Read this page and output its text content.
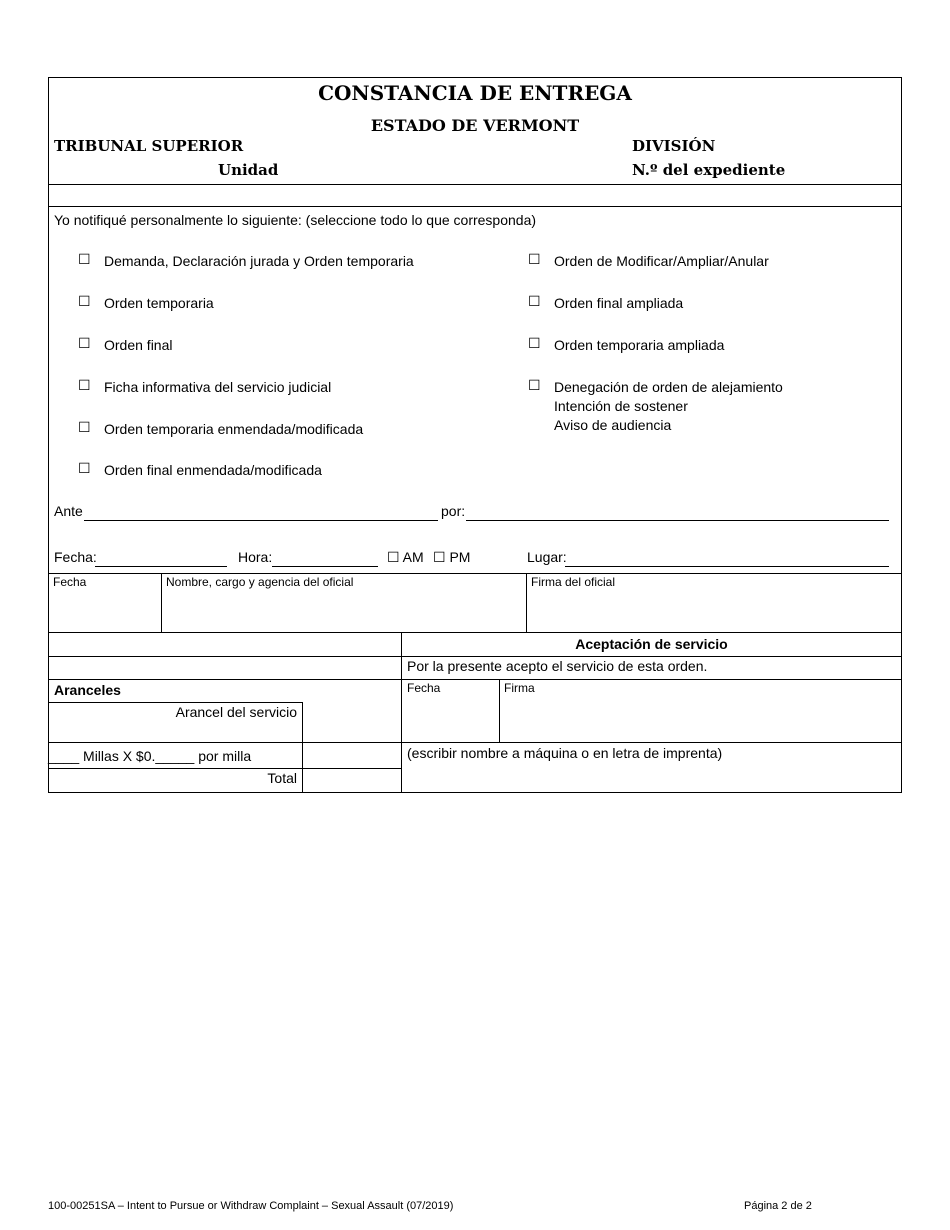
CONSTANCIA DE ENTREGA
ESTADO DE VERMONT
TRIBUNAL SUPERIOR
Unidad
DIVISIÓN
N.º del expediente
Yo notifiqué personalmente lo siguiente: (seleccione todo lo que corresponda)
☐ Demanda, Declaración jurada y Orden temporaria
☐ Orden temporaria
☐ Orden final
☐ Ficha informativa del servicio judicial
☐ Orden temporaria enmendada/modificada
☐ Orden final enmendada/modificada
☐ Orden de Modificar/Ampliar/Anular
☐ Orden final ampliada
☐ Orden temporaria ampliada
☐ Denegación de orden de alejamiento
Intención de sostener
Aviso de audiencia
Ante	por:
Fecha:	Hora:	☐ AM ☐ PM	Lugar:
Fecha	Nombre, cargo y agencia del oficial	Firma del oficial
Aranceles
Arancel del servicio
____ Millas X $0._____ por milla
Total
Aceptación de servicio
Por la presente acepto el servicio de esta orden.
Fecha	Firma
(escribir nombre a máquina o en letra de imprenta)
100-00251SA – Intent to Pursue or Withdraw Complaint – Sexual Assault (07/2019)	Página 2 de 2
